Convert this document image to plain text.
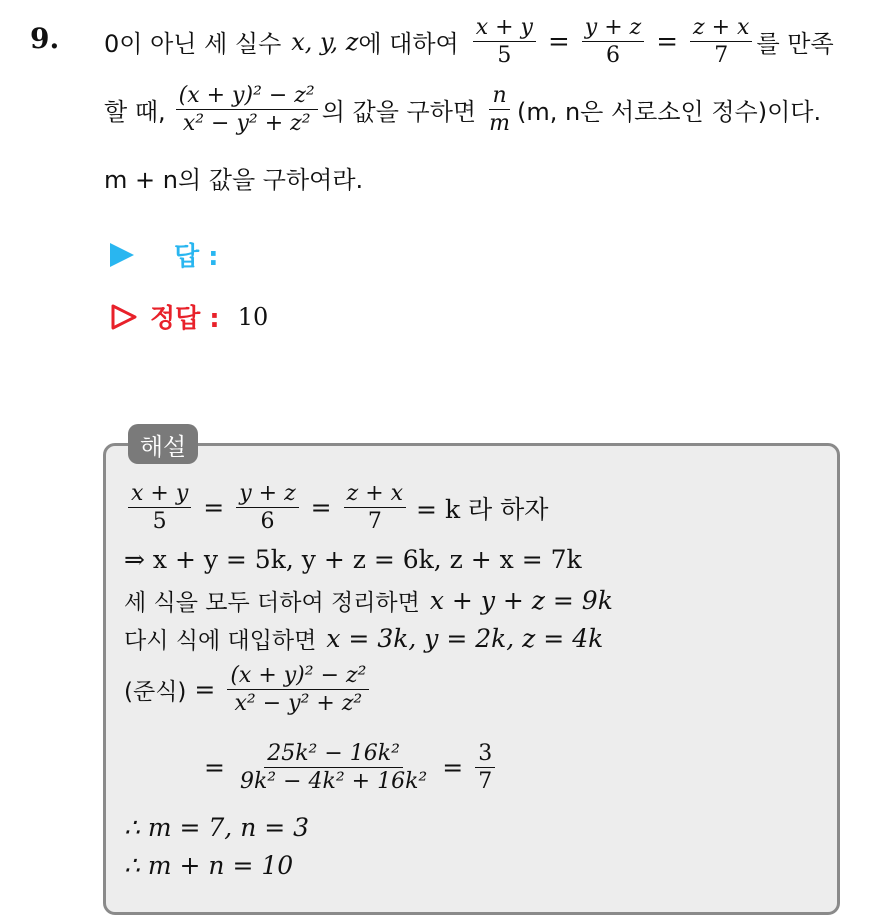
9. 0이 아닌 세 실수 x, y, z 에 대하여 $\frac{x + y}{5} = \frac{y + z}{6} = \frac{z + x}{7}$ 를 만족
할 때, $\frac{\text{(x + y)² − z²}}{\text{x² − y² + z²}}$ 의 값을 구하면 $\frac{n}{m} (m$, n은 서로소인 정수)이다.
m + n의 값을 구하여라.
답 :
정답 : 10
해설
$\frac{x + y}{5} = \frac{y + z}{6} = \frac{z + x}{7} = k$ 라 하자
⇒ x + y = 5k, y + z = 6k, z + x = 7k
세 식을 모두 더하여 정리하면 x + y + z = 9k
다시 식에 대입하면 x = 3k, y = 2k, z = 4k
(준식) = $\frac{\text{(x + y)² − z²}}{\text{x² − y² + z²}}$
= $\frac{\text{25k² − 16k²}}{\text{9k² − 4k² + 16k²}} = \frac{3}{7}$
∴ m = 7, n = 3
∴ m + n = 10
